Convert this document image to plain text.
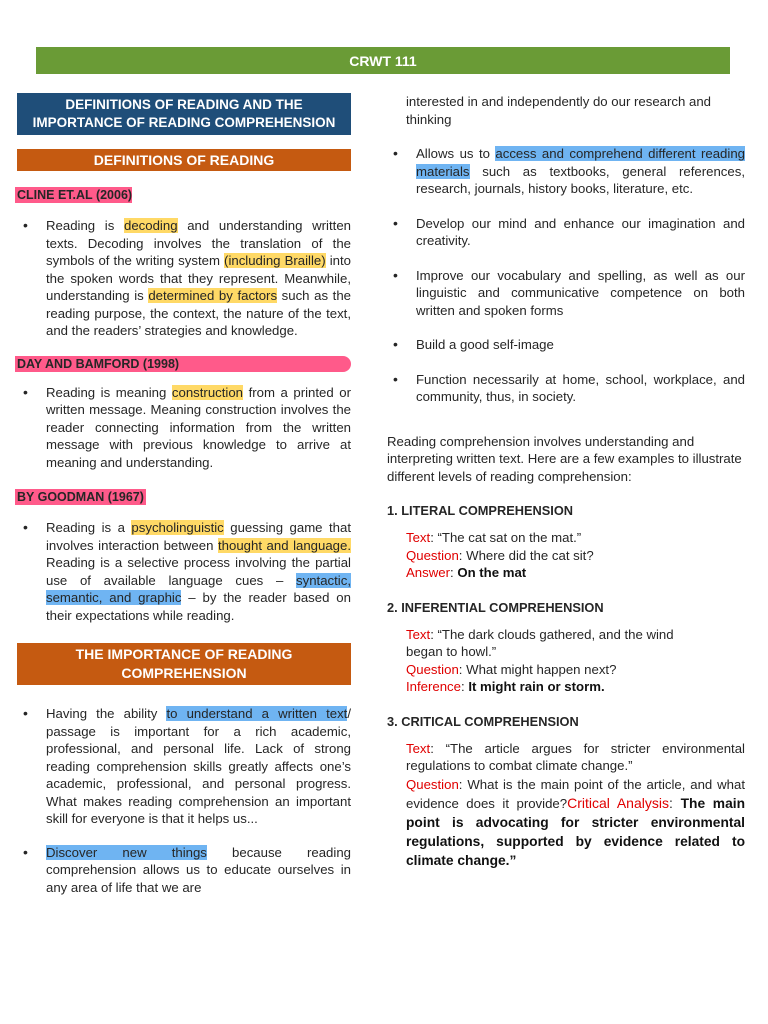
CRWT 111
DEFINITIONS OF READING AND THE IMPORTANCE OF READING COMPREHENSION
DEFINITIONS OF READING
CLINE ET.AL (2006)
• Reading is decoding and understanding written texts. Decoding involves the translation of the symbols of the writing system (including Braille) into the spoken words that they represent. Meanwhile, understanding is determined by factors such as the reading purpose, the context, the nature of the text, and the readers’ strategies and knowledge.
DAY AND BAMFORD (1998)
• Reading is meaning construction from a printed or written message. Meaning construction involves the reader connecting information from the written message with previous knowledge to arrive at meaning and understanding.
BY GOODMAN (1967)
• Reading is a psycholinguistic guessing game that involves interaction between thought and language. Reading is a selective process involving the partial use of available language cues – syntactic, semantic, and graphic – by the reader based on their expectations while reading.
THE IMPORTANCE OF READING COMPREHENSION
• Having the ability to understand a written text/ passage is important for a rich academic, professional, and personal life. Lack of strong reading comprehension skills greatly affects one’s academic, professional, and personal progress. What makes reading comprehension an important skill for everyone is that it helps us...
• Discover new things because reading comprehension allows us to educate ourselves in any area of life that we are
interested in and independently do our research and thinking
• Allows us to access and comprehend different reading materials such as textbooks, general references, research, journals, history books, literature, etc.
• Develop our mind and enhance our imagination and creativity.
• Improve our vocabulary and spelling, as well as our linguistic and communicative competence on both written and spoken forms
• Build a good self-image
• Function necessarily at home, school, workplace, and community, thus, in society.
Reading comprehension involves understanding and interpreting written text. Here are a few examples to illustrate different levels of reading comprehension:
1. LITERAL COMPREHENSION
Text: “The cat sat on the mat.”
Question: Where did the cat sit?
Answer: On the mat
2. INFERENTIAL COMPREHENSION
Text: “The dark clouds gathered, and the wind began to howl.”
Question: What might happen next?
Inference: It might rain or storm.
3. CRITICAL COMPREHENSION
Text: “The article argues for stricter environmental regulations to combat climate change.”
Question: What is the main point of the article, and what evidence does it provide?Critical Analysis: The main point is advocating for stricter environmental regulations, supported by evidence related to climate change.”
